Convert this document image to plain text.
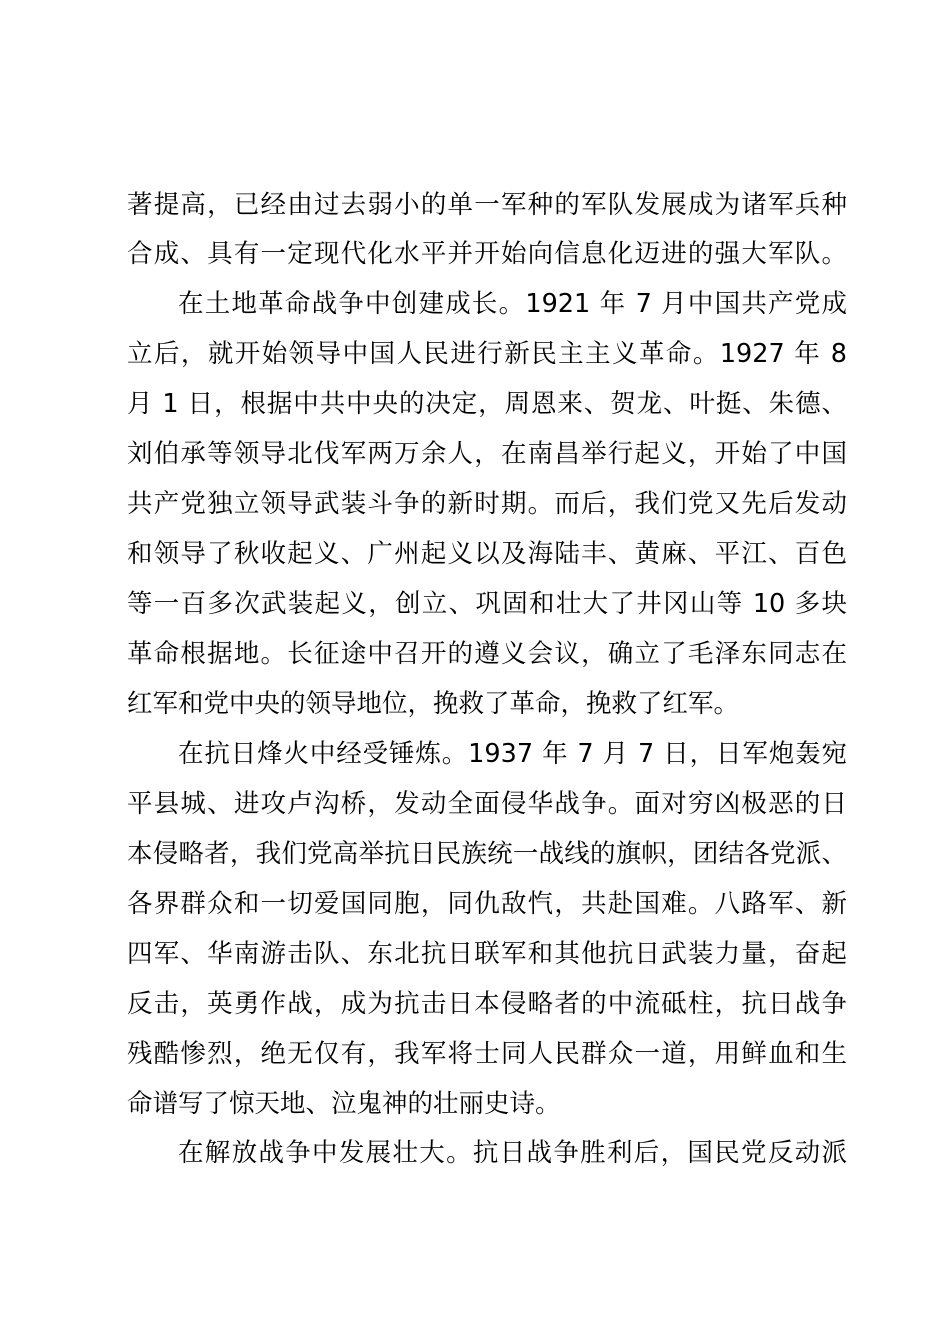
著提高，已经由过去弱小的单一军种的军队发展成为诸军兵种
合成、具有一定现代化水平并开始向信息化迈进的强大军队。
在土地革命战争中创建成长。1921 年 7 月中国共产党成
立后，就开始领导中国人民进行新民主主义革命。1927 年 8
月 1 日，根据中共中央的决定，周恩来、贺龙、叶挺、朱德、
刘伯承等领导北伐军两万余人，在南昌举行起义，开始了中国
共产党独立领导武装斗争的新时期。而后，我们党又先后发动
和领导了秋收起义、广州起义以及海陆丰、黄麻、平江、百色
等一百多次武装起义，创立、巩固和壮大了井冈山等 10 多块
革命根据地。长征途中召开的遵义会议，确立了毛泽东同志在
红军和党中央的领导地位，挽救了革命，挽救了红军。
在抗日烽火中经受锤炼。1937 年 7 月 7 日，日军炮轰宛
平县城、进攻卢沟桥，发动全面侵华战争。面对穷凶极恶的日
本侵略者，我们党高举抗日民族统一战线的旗帜，团结各党派、
各界群众和一切爱国同胞，同仇敌忾，共赴国难。八路军、新
四军、华南游击队、东北抗日联军和其他抗日武装力量，奋起
反击，英勇作战，成为抗击日本侵略者的中流砥柱，抗日战争
残酷惨烈，绝无仅有，我军将士同人民群众一道，用鲜血和生
命谱写了惊天地、泣鬼神的壮丽史诗。
在解放战争中发展壮大。抗日战争胜利后，国民党反动派
